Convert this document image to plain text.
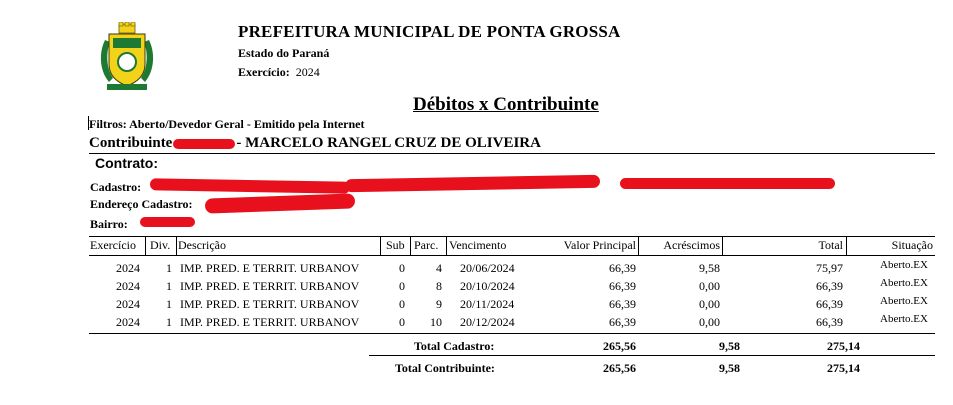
PREFEITURA MUNICIPAL DE PONTA GROSSA
Estado do Paraná
Exercício: 2024
Débitos x Contribuinte
Filtros: Aberto/Devedor Geral - Emitido pela Internet
Contribuinte	- MARCELO RANGEL CRUZ DE OLIVEIRA
Contrato:
Cadastro:
Endereço Cadastro:
Bairro:
Exercício Div. Descrição	Sub Parc. Vencimento	Valor Principal	Acréscimos	Total	Situação
2024	1 IMP. PRED. E TERRIT. URBANOV	0	4 20/06/2024	66,39	9,58	75,97	Aberto.EX
2024	1 IMP. PRED. E TERRIT. URBANOV	0	8 20/10/2024	66,39	0,00	66,39	Aberto.EX
2024	1 IMP. PRED. E TERRIT. URBANOV	0	9 20/11/2024	66,39	0,00	66,39	Aberto.EX
2024	1 IMP. PRED. E TERRIT. URBANOV	0	10 20/12/2024	66,39	0,00	66,39	Aberto.EX
Total Cadastro:	265,56	9,58	275,14
Total Contribuinte:	265,56	9,58	275,14
